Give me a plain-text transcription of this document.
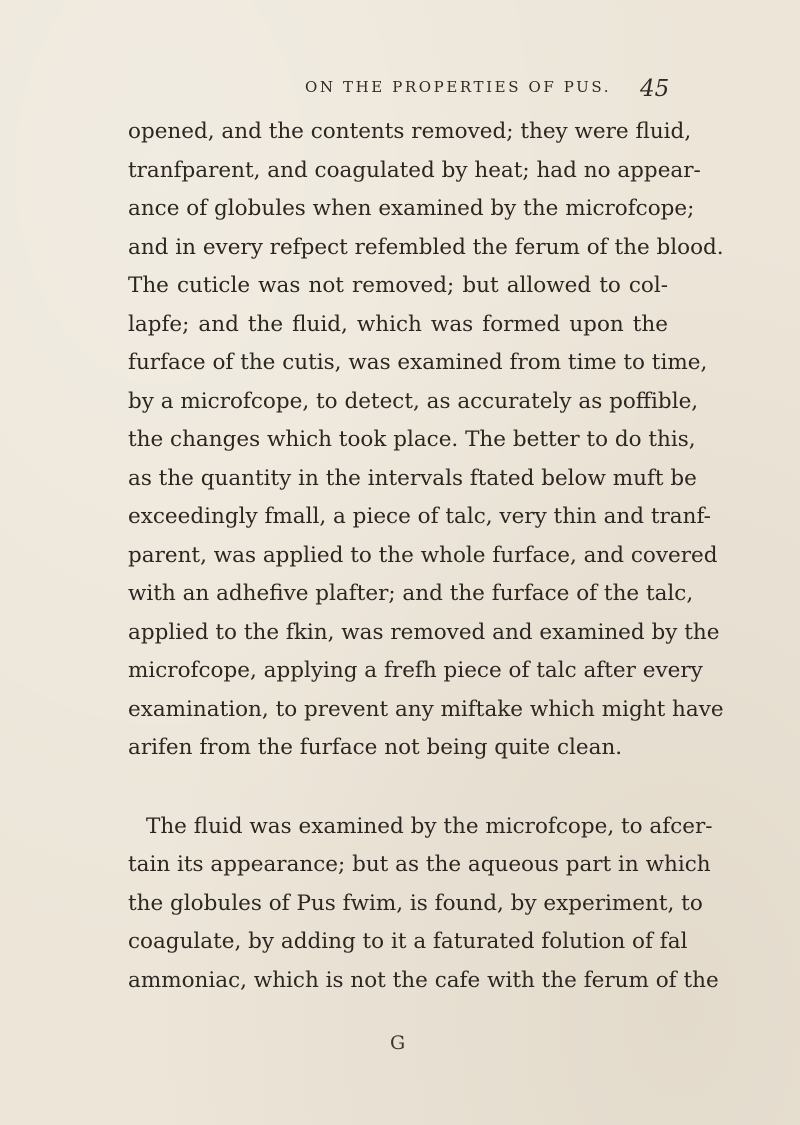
ON THE PROPERTIES OF PUS. 45
opened, and the contents removed; they were fluid,
tranfparent, and coagulated by heat; had no appear-
ance of globules when examined by the microfcope;
and in every refpect refembled the ferum of the blood.
The cuticle was not removed; but allowed to col-
lapfe; and the fluid, which was formed upon the
furface of the cutis, was examined from time to time,
by a microfcope, to detect, as accurately as poffible,
the changes which took place. The better to do this,
as the quantity in the intervals ftated below muft be
exceedingly fmall, a piece of talc, very thin and tranf-
parent, was applied to the whole furface, and covered
with an adhefive plafter; and the furface of the talc,
applied to the fkin, was removed and examined by the
microfcope, applying a frefh piece of talc after every
examination, to prevent any miftake which might have
arifen from the furface not being quite clean.
The fluid was examined by the microfcope, to afcer-
tain its appearance; but as the aqueous part in which
the globules of Pus fwim, is found, by experiment, to
coagulate, by adding to it a faturated folution of fal
ammoniac, which is not the cafe with the ferum of the
G
